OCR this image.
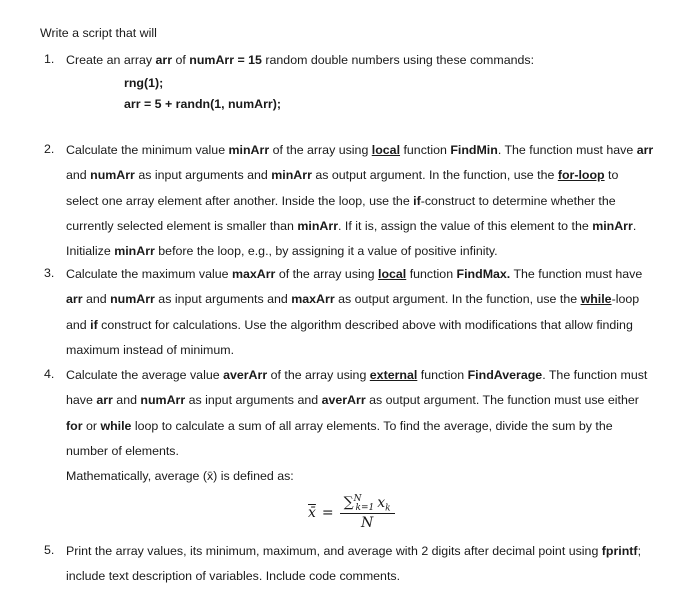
Write a script that will
1. Create an array arr of numArr = 15 random double numbers using these commands:
rng(1);
arr = 5 + randn(1, numArr);
2. Calculate the minimum value minArr of the array using local function FindMin. The function must have arr
and numArr as input arguments and minArr as output argument. In the function, use the for-loop to
select one array element after another. Inside the loop, use the if-construct to determine whether the
currently selected element is smaller than minArr. If it is, assign the value of this element to the minArr.
Initialize minArr before the loop, e.g., by assigning it a value of positive infinity.
3. Calculate the maximum value maxArr of the array using local function FindMax. The function must have
arr and numArr as input arguments and maxArr as output argument. In the function, use the while-loop
and if construct for calculations. Use the algorithm described above with modifications that allow finding
maximum instead of minimum.
4. Calculate the average value averArr of the array using external function FindAverage. The function must
have arr and numArr as input arguments and averArr as output argument. The function must use either
for or while loop to calculate a sum of all array elements. To find the average, divide the sum by the
number of elements.
Mathematically, average (x̄) is defined as:
x̄ = $\frac{\sum^N_{k=1} x_k}{N}$
5. Print the array values, its minimum, maximum, and average with 2 digits after decimal point using fprintf;
include text description of variables. Include code comments.
